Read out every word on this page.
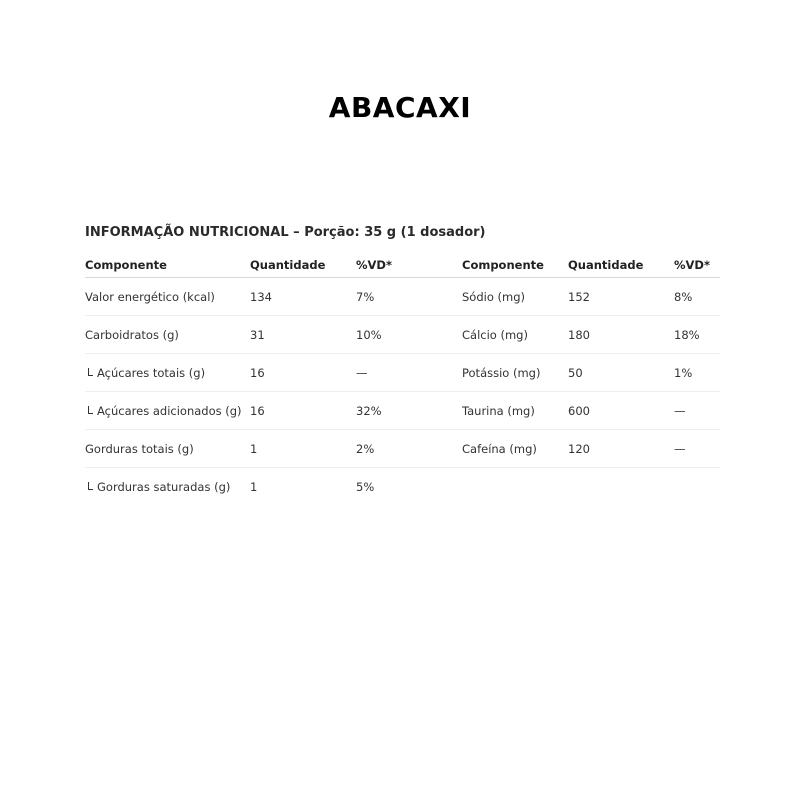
ABACAXI
INFORMAÇÃO NUTRICIONAL – Porção: 35 g (1 dosador)
Componente	Quantidade	%VD*	Componente	Quantidade	%VD*
Valor energético (kcal)	134	7%	Sódio (mg)	152	8%
Carboidratos (g)	31	10%	Cálcio (mg)	180	18%
Açúcares totais (g)	16	—	Potássio (mg)	50	1%
Açúcares adicionados (g)	16	32%	Taurina (mg)	600	—
Gorduras totais (g)	1	2%	Cafeína (mg)	120	—
Gorduras saturadas (g)	1	5%			
